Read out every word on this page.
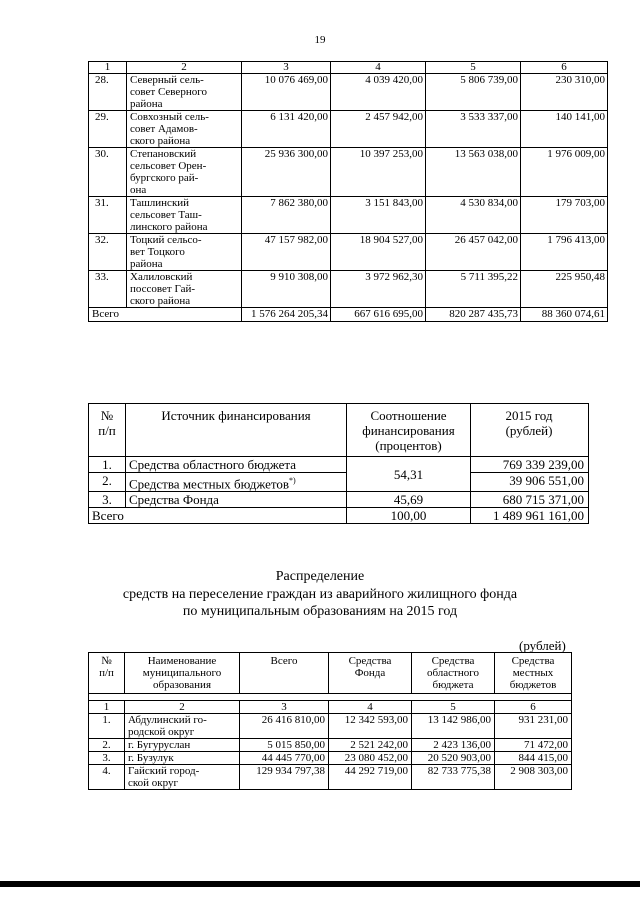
19
1	2	3	4	5	6
28.	Северный сель-
совет Северного
района	10 076 469,00	4 039 420,00	5 806 739,00	230 310,00
29.	Совхозный сель-
совет Адамов-
ского района	6 131 420,00	2 457 942,00	3 533 337,00	140 141,00
30.	Степановский
сельсовет Орен-
бургского рай-
она	25 936 300,00	10 397 253,00	13 563 038,00	1 976 009,00
31.	Ташлинский
сельсовет Таш-
линского района	7 862 380,00	3 151 843,00	4 530 834,00	179 703,00
32.	Тоцкий сельсо-
вет Тоцкого
района	47 157 982,00	18 904 527,00	26 457 042,00	1 796 413,00
33.	Халиловский
поссовет Гай-
ского района	9 910 308,00	3 972 962,30	5 711 395,22	225 950,48
Всего		1 576 264 205,34	667 616 695,00	820 287 435,73	88 360 074,61
№
п/п	Источник финансирования	Соотношение
финансирования
(процентов)	2015 год
(рублей)
1.	Средства областного бюджета	54,31	769 339 239,00
2.	Средства местных бюджетов*)		39 906 551,00
3.	Средства Фонда	45,69	680 715 371,00
Всего		100,00	1 489 961 161,00
Распределение
средств на переселение граждан из аварийного жилищного фонда
по муниципальным образованиям на 2015 год
(рублей)
№
п/п	Наименование
муниципального
образования	Всего	Средства
Фонда	Средства
областного
бюджета	Средства
местных
бюджетов

1	2	3	4	5	6
1.	Абдулинский го-
родской округ	26 416 810,00	12 342 593,00	13 142 986,00	931 231,00
2.	г. Бугуруслан	5 015 850,00	2 521 242,00	2 423 136,00	71 472,00
3.	г. Бузулук	44 445 770,00	23 080 452,00	20 520 903,00	844 415,00
4.	Гайский город-
ской округ	129 934 797,38	44 292 719,00	82 733 775,38	2 908 303,00
